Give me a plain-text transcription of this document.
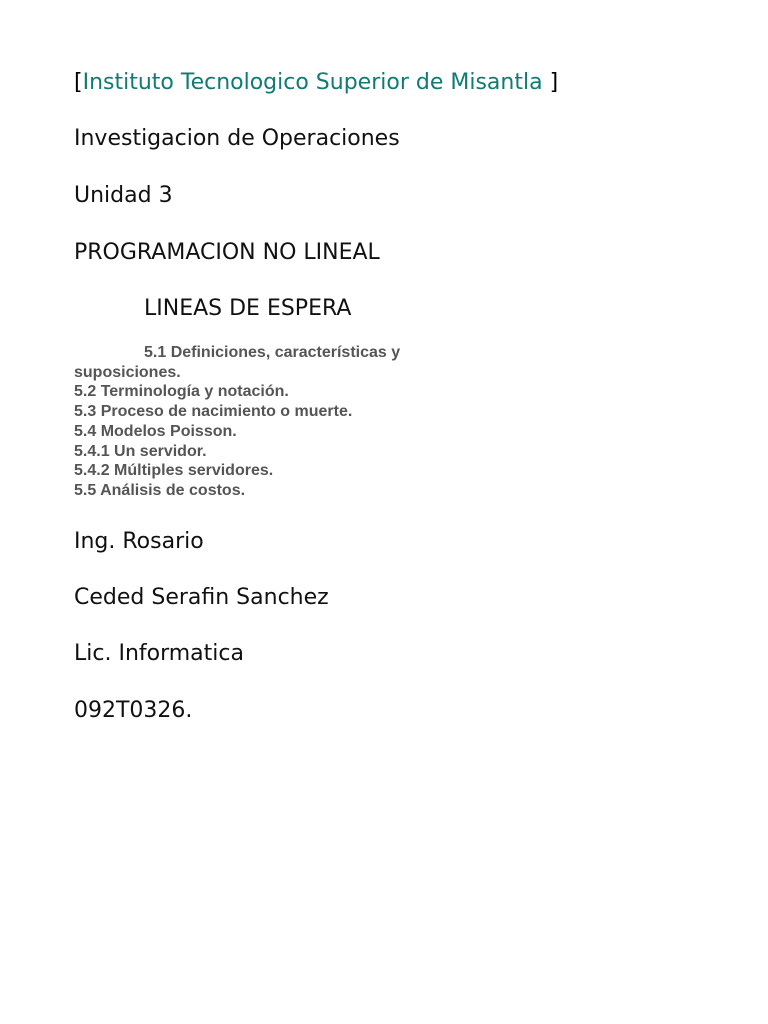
[Instituto Tecnologico Superior de Misantla ]
Investigacion de Operaciones
Unidad 3
PROGRAMACION NO LINEAL
LINEAS DE ESPERA
5.1 Definiciones, características y
suposiciones.
5.2 Terminología y notación.
5.3 Proceso de nacimiento o muerte.
5.4 Modelos Poisson.
5.4.1 Un servidor.
5.4.2 Múltiples servidores.
5.5 Análisis de costos.
Ing. Rosario
Ceded Serafin Sanchez
Lic. Informatica
092T0326.
